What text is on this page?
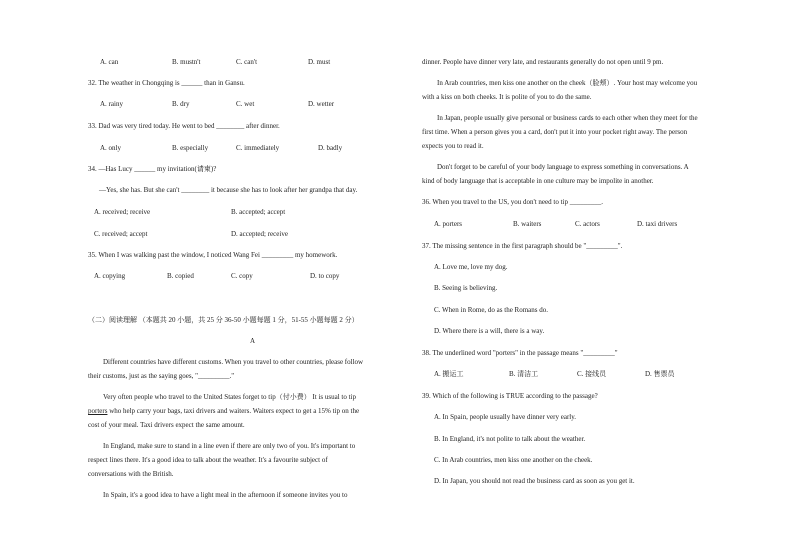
A. can	B. mustn't	C. can't	D. must
32. The weather in Chongqing is ______ than in Gansu.
A. rainy	B. dry	C. wet	D. wetter
33. Dad was very tired today. He went to bed ________ after dinner.
A. only	B. especially	C. immediately	D. badly
34. —Has Lucy ______ my invitation(请柬)?
—Yes, she has. But she can't ________ it because she has to look after her grandpa that day.
A. received; receive	B. accepted; accept
C. received; accept	D. accepted; receive
35. When I was walking past the window, I noticed Wang Fei _________ my homework.
A. copying	B. copied	C. copy	D. to copy
（二）阅读理解 （本题共 20 小题，共 25 分 36-50 小题每题 1 分，51-55 小题每题 2 分）
A
Different countries have different customs. When you travel to other countries, please follow
their customs, just as the saying goes, "_________."
Very often people who travel to the United States forget to tip（付小费） It is usual to tip
porters who help carry your bags, taxi drivers and waiters. Waiters expect to get a 15% tip on the
cost of your meal. Taxi drivers expect the same amount.
In England, make sure to stand in a line even if there are only two of you. It's important to
respect lines there. It's a good idea to talk about the weather. It's a favourite subject of
conversations with the British.
In Spain, it's a good idea to have a light meal in the afternoon if someone invites you to
dinner. People have dinner very late, and restaurants generally do not open until 9 pm.
In Arab countries, men kiss one another on the cheek（脸颊）. Your host may welcome you
with a kiss on both cheeks. It is polite of you to do the same.
In Japan, people usually give personal or business cards to each other when they meet for the
first time. When a person gives you a card, don't put it into your pocket right away. The person
expects you to read it.
Don't forget to be careful of your body language to express something in conversations. A
kind of body language that is acceptable in one culture may be impolite in another.
36. When you travel to the US, you don't need to tip _________.
A. porters	B. waiters	C. actors	D. taxi drivers
37. The missing sentence in the first paragraph should be "_________".
A. Love me, love my dog.
B. Seeing is believing.
C. When in Rome, do as the Romans do.
D. Where there is a will, there is a way.
38. The underlined word "porters" in the passage means "_________"
A. 搬运工	B. 清洁工	C. 接线员	D. 售票员
39. Which of the following is TRUE according to the passage?
A. In Spain, people usually have dinner very early.
B. In England, it's not polite to talk about the weather.
C. In Arab countries, men kiss one another on the cheek.
D. In Japan, you should not read the business card as soon as you get it.
